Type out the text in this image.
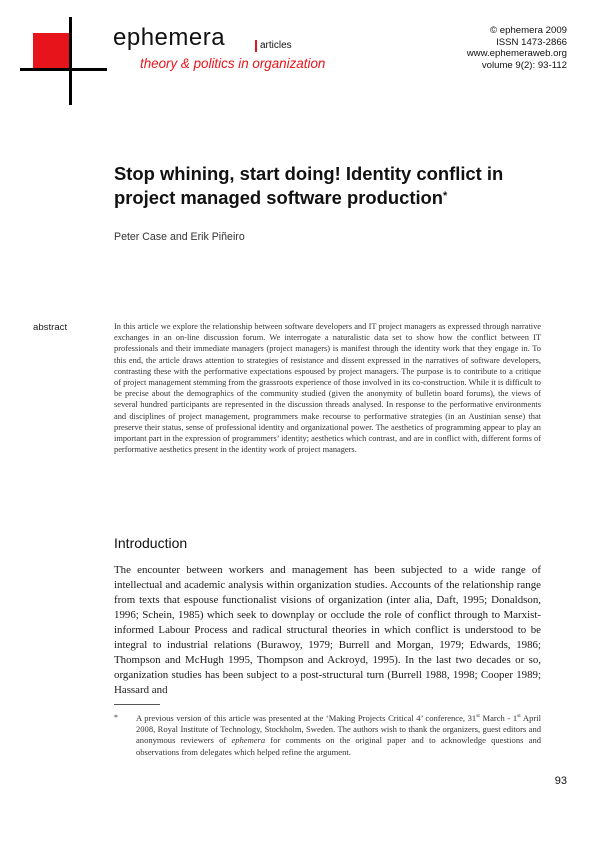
ephemera	articles
theory & politics in organization
© ephemera 2009
ISSN 1473-2866
www.ephemeraweb.org
volume 9(2): 93-112
Stop whining, start doing! Identity conflict in project managed software production*
Peter Case and Erik Piñeiro
abstract	In this article we explore the relationship between software developers and IT project managers as expressed through narrative exchanges in an on-line discussion forum. We interrogate a naturalistic data set to show how the conflict between IT professionals and their immediate managers (project managers) is manifest through the identity work that they engage in. To this end, the article draws attention to strategies of resistance and dissent expressed in the narratives of software developers, contrasting these with the performative expectations espoused by project managers. The purpose is to contribute to a critique of project management stemming from the grassroots experience of those involved in its co-construction. While it is difficult to be precise about the demographics of the community studied (given the anonymity of bulletin board forums), the views of several hundred participants are represented in the discussion threads analysed. In response to the performative environments and disciplines of project management, programmers make recourse to performative strategies (in an Austinian sense) that preserve their status, sense of professional identity and organizational power. The aesthetics of programming appear to play an important part in the expression of programmers’ identity; aesthetics which contrast, and are in conflict with, different forms of performative aesthetics present in the identity work of project managers.

Introduction

The encounter between workers and management has been subjected to a wide range of intellectual and academic analysis within organization studies. Accounts of the relationship range from texts that espouse functionalist visions of organization (inter alia, Daft, 1995; Donaldson, 1996; Schein, 1985) which seek to downplay or occlude the role of conflict through to Marxist-informed Labour Process and radical structural theories in which conflict is understood to be integral to industrial relations (Burawoy, 1979; Burrell and Morgan, 1979; Edwards, 1986; Thompson and McHugh 1995, Thompson and Ackroyd, 1995). In the last two decades or so, organization studies has been subject to a post-structural turn (Burrell 1988, 1998; Cooper 1989; Hassard and

* A previous version of this article was presented at the ‘Making Projects Critical 4’ conference, 31st March - 1st April 2008, Royal Institute of Technology, Stockholm, Sweden. The authors wish to thank the organizers, guest editors and anonymous reviewers of ephemera for comments on the original paper and to acknowledge questions and observations from delegates which helped refine the argument.

93
